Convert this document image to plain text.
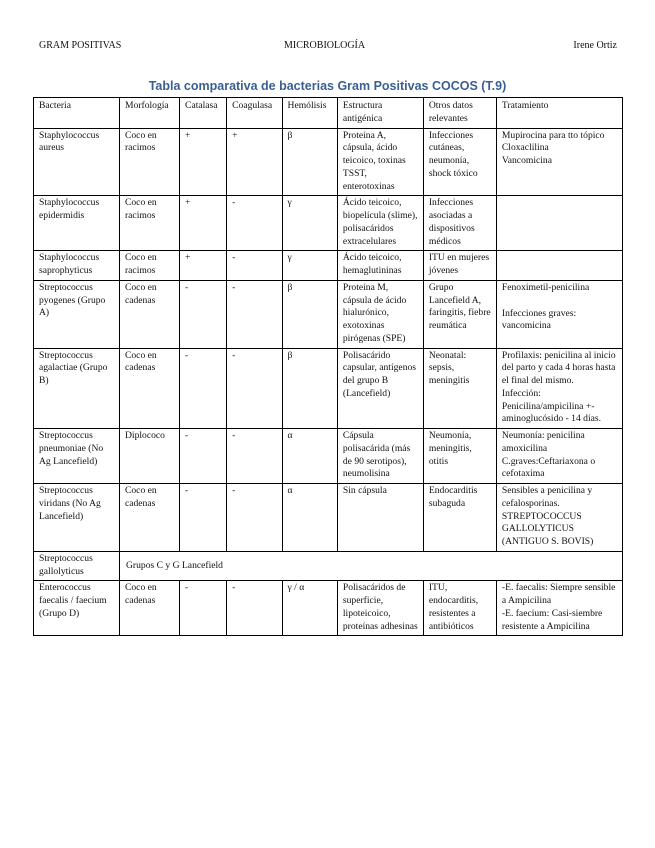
GRAM POSITIVAS	MICROBIOLOGÍA	Irene Ortiz
Tabla comparativa de bacterias Gram Positivas COCOS (T.9)
Bacteria	Morfología	Catalasa	Coagulasa	Hemólisis	Estructura antigénica	Otros datos relevantes	Tratamiento
Staphylococcus aureus	Coco en racimos	+	+	β	Proteína A, cápsula, ácido teicoico, toxinas TSST, enterotoxinas	Infecciones cutáneas, neumonía, shock tóxico	Mupirocina para tto tópico
Cloxaclilina
Vancomicina

Staphylococcus epidermidis	Coco en racimos	+	-	γ	Ácido teicoico, biopelícula (slime), polisacáridos extracelulares	Infecciones asociadas a dispositivos médicos	
Staphylococcus saprophyticus	Coco en racimos	+	-	γ	Ácido teicoico, hemaglutininas	ITU en mujeres jóvenes	
Streptococcus pyogenes (Grupo A)	Coco en cadenas	-	-	β	Proteína M, cápsula de ácido hialurónico, exotoxinas pirógenas (SPE)	Grupo Lancefield A, faringitis, fiebre reumática	Fenoximetil-penicilina
Infecciones graves: vancomicina

Streptococcus agalactiae (Grupo B)	Coco en cadenas	-	-	β	Polisacárido capsular, antígenos del grupo B (Lancefield)	Neonatal: sepsis, meningitis	Profilaxis: penicilina al inicio del parto y cada 4 horas hasta el final del mismo.
Infección: Penicilina/ampicilina +- aminoglucósido - 14 días.

Streptococcus pneumoniae (No Ag Lancefield)	Diplococo	-	-	α	Cápsula polisacárida (más de 90 serotipos), neumolisina	Neumonía, meningitis, otitis	Neumonía: penicilina amoxicilina
C.graves:Ceftariaxona o cefotaxima

Streptococcus viridans (No Ag Lancefield)	Coco en cadenas	-	-	α	Sin cápsula	Endocarditis subaguda	Sensibles a penicilina y cefalosporinas.
STREPTOCOCCUS GALLOLYTICUS (ANTIGUO S. BOVIS)

Streptococcus gallolyticus	Grupos C y G Lancefield						

Enterococcus faecalis / faecium (Grupo D)	Coco en cadenas	-	-	γ / α	Polisacáridos de superficie, lipoteicoico, proteínas adhesinas	ITU, endocarditis, resistentes a antibióticos	-E. faecalis: Siempre sensible a Ampicilina
-E. faecium: Casi-siembre resistente a Ampicilina
